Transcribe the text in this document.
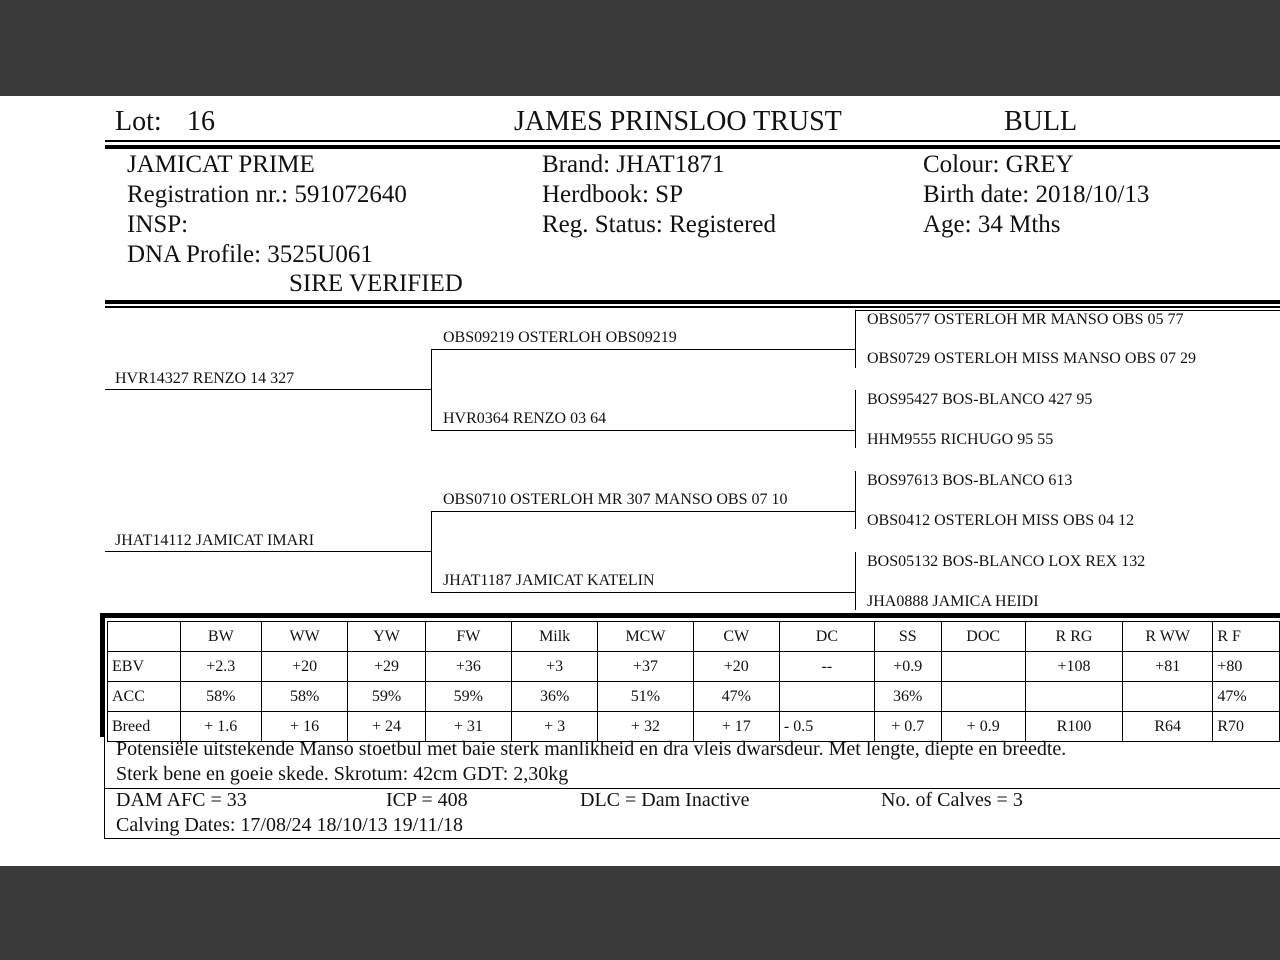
Lot: 16	JAMES PRINSLOO TRUST	BULL
JAMICAT PRIME
Registration nr.: 591072640
INSP:
DNA Profile: 3525U061
SIRE VERIFIED
Brand: JHAT1871
Herdbook: SP
Reg. Status: Registered
Colour: GREY
Birth date: 2018/10/13
Age: 34 Mths
HVR14327 RENZO 14 327
JHAT14112 JAMICAT IMARI
OBS09219 OSTERLOH OBS09219
HVR0364 RENZO 03 64
OBS0710 OSTERLOH MR 307 MANSO OBS 07 10
JHAT1187 JAMICAT KATELIN
OBS0577 OSTERLOH MR MANSO OBS 05 77
OBS0729 OSTERLOH MISS MANSO OBS 07 29
BOS95427 BOS-BLANCO 427 95
HHM9555 RICHUGO 95 55
BOS97613 BOS-BLANCO 613
OBS0412 OSTERLOH MISS OBS 04 12
BOS05132 BOS-BLANCO LOX REX 132
JHA0888 JAMICA HEIDI
	BW	WW	YW	FW	Milk	MCW	CW	DC	SS	DOC	R RG	R WW	R F
EBV	+2.3	+20	+29	+36	+3	+37	+20	--	+0.9		+108	+81	+80
ACC	58%	58%	59%	59%	36%	51%	47%		36%				47%
Breed	+ 1.6	+ 16	+ 24	+ 31	+ 3	+ 32	+ 17	- 0.5	+ 0.7	+ 0.9	R100	R64	R70
Potensiële uitstekende Manso stoetbul met baie sterk manlikheid en dra vleis dwarsdeur. Met lengte, diepte en breedte.
Sterk bene en goeie skede. Skrotum: 42cm GDT: 2,30kg
DAM AFC = 33	ICP = 408	DLC = Dam Inactive	No. of Calves = 3
Calving Dates: 17/08/24 18/10/13 19/11/18
